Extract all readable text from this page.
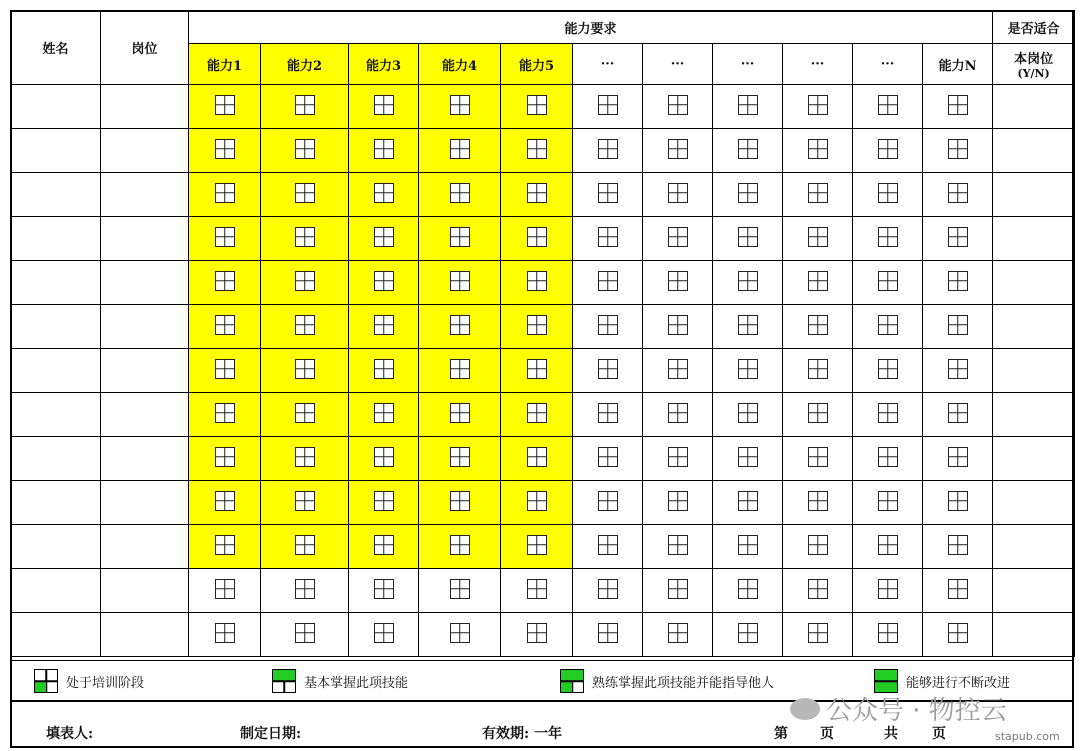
姓名	岗位	能力要求											是否适合
		能力1	能力2	能力3	能力4	能力5	···	···	···	···	···	能力N	本岗位
(Y/N)

处于培训阶段	基本掌握此项技能	熟练掌握此项技能并能指导他人	能够进行不断改进
填表人:	制定日期:	有效期: 一年	第 页	共 页
公众号 · 物控云
stapub.com
